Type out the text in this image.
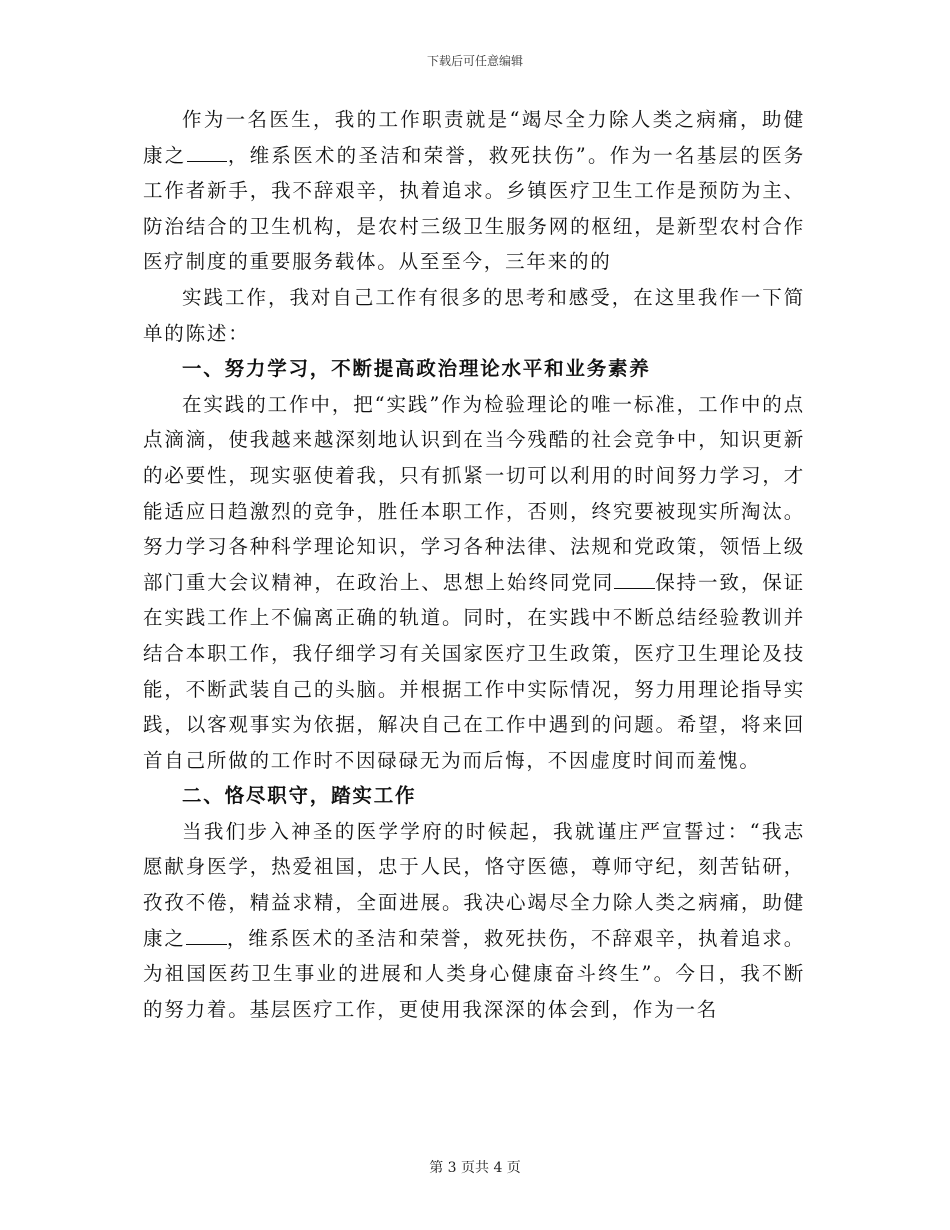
下载后可任意编辑

作为一名医生，我的工作职责就是“竭尽全力除人类之病痛，助健康之 ，维系医术的圣洁和荣誉，救死扶伤”。作为一名基层的医务工作者新手，我不辞艰辛，执着追求。乡镇医疗卫生工作是预防为主、防治结合的卫生机构，是农村三级卫生服务网的枢纽，是新型农村合作医疗制度的重要服务载体。从至至今，三年来的的

实践工作，我对自己工作有很多的思考和感受，在这里我作一下简单的陈述：

一、努力学习，不断提高政治理论水平和业务素养

在实践的工作中，把“实践”作为检验理论的唯一标准，工作中的点点滴滴，使我越来越深刻地认识到在当今残酷的社会竞争中，知识更新的必要性，现实驱使着我，只有抓紧一切可以利用的时间努力学习，才能适应日趋激烈的竞争，胜任本职工作，否则，终究要被现实所淘汰。努力学习各种科学理论知识，学习各种法律、法规和党政策，领悟上级部门重大会议精神，在政治上、思想上始终同党同 保持一致，保证在实践工作上不偏离正确的轨道。同时，在实践中不断总结经验教训并结合本职工作，我仔细学习有关国家医疗卫生政策，医疗卫生理论及技能，不断武装自己的头脑。并根据工作中实际情况，努力用理论指导实践，以客观事实为依据，解决自己在工作中遇到的问题。希望，将来回首自己所做的工作时不因碌碌无为而后悔，不因虚度时间而羞愧。

二、恪尽职守，踏实工作

当我们步入神圣的医学学府的时候起，我就谨庄严宣誓过：“我志愿献身医学，热爱祖国，忠于人民，恪守医德，尊师守纪，刻苦钻研，孜孜不倦，精益求精，全面进展。我决心竭尽全力除人类之病痛，助健康之 ，维系医术的圣洁和荣誉，救死扶伤，不辞艰辛，执着追求。为祖国医药卫生事业的进展和人类身心健康奋斗终生”。今日，我不断的努力着。基层医疗工作，更使用我深深的体会到，作为一名

第 3 页共 4 页
